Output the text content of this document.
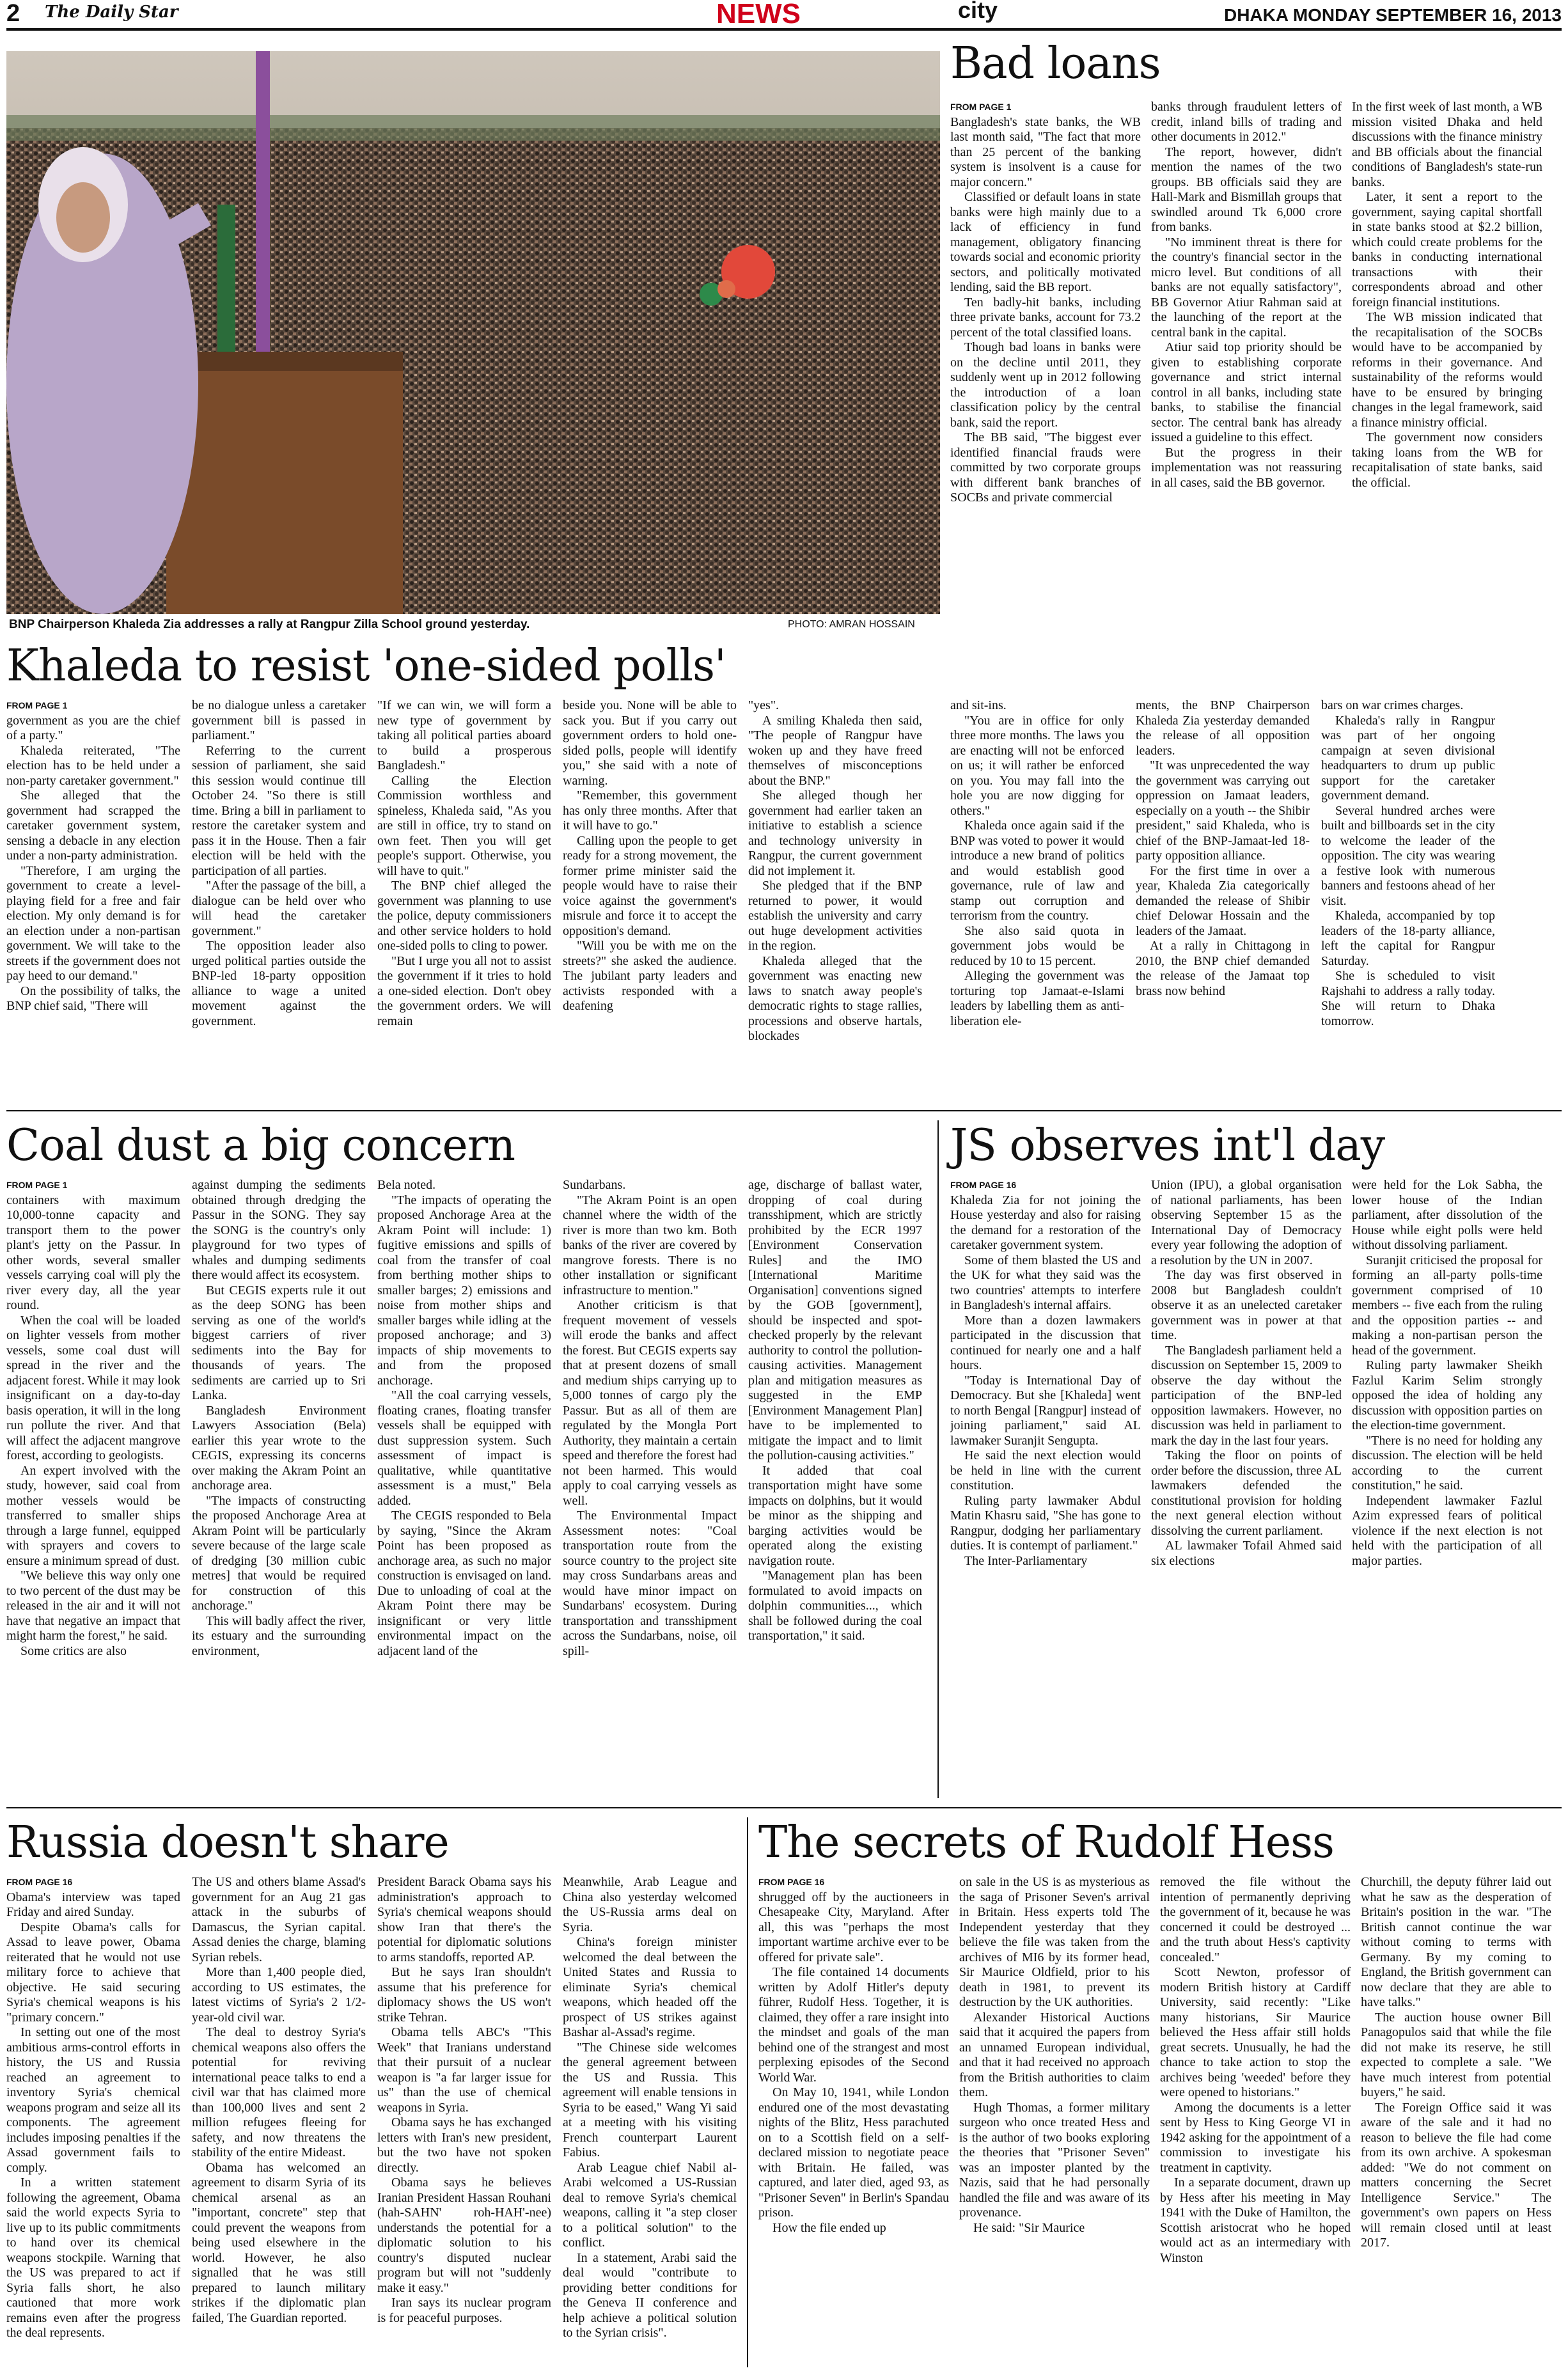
2 The Daily Star	NEWS	city	DHAKA MONDAY SEPTEMBER 16, 2013
BNP Chairperson Khaleda Zia addresses a rally at Rangpur Zilla School ground yesterday.	PHOTO: AMRAN HOSSAIN
Bad loans
FROM PAGE 1

Bangladesh's state banks, the WB last month said, "The fact that more than 25 percent of the banking system is insolvent is a cause for major concern."

Classified or default loans in state banks were high mainly due to a lack of efficiency in fund management, obligatory financing towards social and economic priority sectors, and politically motivated lending, said the BB report.

Ten badly-hit banks, including three private banks, account for 73.2 percent of the total classified loans.

Though bad loans in banks were on the decline until 2011, they suddenly went up in 2012 following the introduction of a loan classification policy by the central bank, said the report.

The BB said, "The biggest ever identified financial frauds were committed by two corporate groups with different bank branches of SOCBs and private commercial

banks through fraudulent letters of credit, inland bills of trading and other documents in 2012."

The report, however, didn't mention the names of the two groups. BB officials said they are Hall-Mark and Bismillah groups that swindled around Tk 6,000 crore from banks.

"No imminent threat is there for the country's financial sector in the micro level. But conditions of all banks are not equally satisfactory", BB Governor Atiur Rahman said at the launching of the report at the central bank in the capital.

Atiur said top priority should be given to establishing corporate governance and strict internal control in all banks, including state banks, to stabilise the financial sector. The central bank has already issued a guideline to this effect.

But the progress in their implementation was not reassuring in all cases, said the BB governor.

In the first week of last month, a WB mission visited Dhaka and held discussions with the finance ministry and BB officials about the financial conditions of Bangladesh's state-run banks.

Later, it sent a report to the government, saying capital shortfall in state banks stood at $2.2 billion, which could create problems for the banks in conducting international transactions with their correspondents abroad and other foreign financial institutions.

The WB mission indicated that the recapitalisation of the SOCBs would have to be accompanied by reforms in their governance. And sustainability of the reforms would have to be ensured by bringing changes in the legal framework, said a finance ministry official.

The government now considers taking loans from the WB for recapitalisation of state banks, said the official.

Khaleda to resist 'one-sided polls'
FROM PAGE 1

government as you are the chief of a party."

Khaleda reiterated, "The election has to be held under a non-party caretaker government."

She alleged that the government had scrapped the caretaker government system, sensing a debacle in any election under a non-party administration.

"Therefore, I am urging the government to create a level-playing field for a free and fair election. My only demand is for an election under a non-partisan government. We will take to the streets if the government does not pay heed to our demand."

On the possibility of talks, the BNP chief said, "There will

be no dialogue unless a caretaker government bill is passed in parliament."

Referring to the current session of parliament, she said this session would continue till October 24. "So there is still time. Bring a bill in parliament to restore the caretaker system and pass it in the House. Then a fair election will be held with the participation of all parties.

"After the passage of the bill, a dialogue can be held over who will head the caretaker government."

The opposition leader also urged political parties outside the BNP-led 18-party opposition alliance to wage a united movement against the government.

"If we can win, we will form a new type of government by taking all political parties aboard to build a prosperous Bangladesh."

Calling the Election Commission worthless and spineless, Khaleda said, "As you are still in office, try to stand on own feet. Then you will get people's support. Otherwise, you will have to quit."

The BNP chief alleged the government was planning to use the police, deputy commissioners and other service holders to hold one-sided polls to cling to power.

"But I urge you all not to assist the government if it tries to hold a one-sided election. Don't obey the government orders. We will remain

beside you. None will be able to sack you. But if you carry out government orders to hold one-sided polls, people will identify you," she said with a note of warning.

"Remember, this government has only three months. After that it will have to go."

Calling upon the people to get ready for a strong movement, the former prime minister said the people would have to raise their voice against the government's misrule and force it to accept the opposition's demand.

"Will you be with me on the streets?" she asked the audience. The jubilant party leaders and activists responded with a deafening

"yes".

A smiling Khaleda then said, "The people of Rangpur have woken up and they have freed themselves of misconceptions about the BNP."

She alleged though her government had earlier taken an initiative to establish a science and technology university in Rangpur, the current government did not implement it.

She pledged that if the BNP returned to power, it would establish the university and carry out huge development activities in the region.

Khaleda alleged that the government was enacting new laws to snatch away people's democratic rights to stage rallies, processions and observe hartals, blockades

and sit-ins.

"You are in office for only three more months. The laws you are enacting will not be enforced on us; it will rather be enforced on you. You may fall into the hole you are now digging for others."

Khaleda once again said if the BNP was voted to power it would introduce a new brand of politics and would establish good governance, rule of law and stamp out corruption and terrorism from the country.

She also said quota in government jobs would be reduced by 10 to 15 percent.

Alleging the government was torturing top Jamaat-e-Islami leaders by labelling them as anti-liberation ele-

ments, the BNP Chairperson Khaleda Zia yesterday demanded the release of all opposition leaders.

"It was unprecedented the way the government was carrying out oppression on Jamaat leaders, especially on a youth -- the Shibir president," said Khaleda, who is chief of the BNP-Jamaat-led 18-party opposition alliance.

For the first time in over a year, Khaleda Zia categorically demanded the release of Shibir chief Delowar Hossain and the leaders of the Jamaat.

At a rally in Chittagong in 2010, the BNP chief demanded the release of the Jamaat top brass now behind

bars on war crimes charges.

Khaleda's rally in Rangpur was part of her ongoing campaign at seven divisional headquarters to drum up public support for the caretaker government demand.

Several hundred arches were built and billboards set in the city to welcome the leader of the opposition. The city was wearing a festive look with numerous banners and festoons ahead of her visit.

Khaleda, accompanied by top leaders of the 18-party alliance, left the capital for Rangpur Saturday.

She is scheduled to visit Rajshahi to address a rally today. She will return to Dhaka tomorrow.

Coal dust a big concern
FROM PAGE 1

containers with maximum 10,000-tonne capacity and transport them to the power plant's jetty on the Passur. In other words, several smaller vessels carrying coal will ply the river every day, all the year round.

When the coal will be loaded on lighter vessels from mother vessels, some coal dust will spread in the river and the adjacent forest. While it may look insignificant on a day-to-day basis operation, it will in the long run pollute the river. And that will affect the adjacent mangrove forest, according to geologists.

An expert involved with the study, however, said coal from mother vessels would be transferred to smaller ships through a large funnel, equipped with sprayers and covers to ensure a minimum spread of dust.

"We believe this way only one to two percent of the dust may be released in the air and it will not have that negative an impact that might harm the forest," he said.

Some critics are also

against dumping the sediments obtained through dredging the Passur in the SONG. They say the SONG is the country's only playground for two types of whales and dumping sediments there would affect its ecosystem.

But CEGIS experts rule it out as the deep SONG has been serving as one of the world's biggest carriers of river sediments into the Bay for thousands of years. The sediments are carried up to Sri Lanka.

Bangladesh Environment Lawyers Association (Bela) earlier this year wrote to the CEGIS, expressing its concerns over making the Akram Point an anchorage area.

"The impacts of constructing the proposed Anchorage Area at Akram Point will be particularly severe because of the large scale of dredging [30 million cubic metres] that would be required for construction of this anchorage."

This will badly affect the river, its estuary and the surrounding environment,

Bela noted.

"The impacts of operating the proposed Anchorage Area at the Akram Point will include: 1) fugitive emissions and spills of coal from the transfer of coal from berthing mother ships to smaller barges; 2) emissions and noise from mother ships and smaller barges while idling at the proposed anchorage; and 3) impacts of ship movements to and from the proposed anchorage.

"All the coal carrying vessels, floating cranes, floating transfer vessels shall be equipped with dust suppression system. Such assessment of impact is qualitative, while quantitative assessment is a must," Bela added.

The CEGIS responded to Bela by saying, "Since the Akram Point has been proposed as anchorage area, as such no major construction is envisaged on land. Due to unloading of coal at the Akram Point there may be insignificant or very little environmental impact on the adjacent land of the

Sundarbans.

"The Akram Point is an open channel where the width of the river is more than two km. Both banks of the river are covered by mangrove forests. There is no other installation or significant infrastructure to mention."

Another criticism is that frequent movement of vessels will erode the banks and affect the forest. But CEGIS experts say that at present dozens of small and medium ships carrying up to 5,000 tonnes of cargo ply the Passur. But as all of them are regulated by the Mongla Port Authority, they maintain a certain speed and therefore the forest had not been harmed. This would apply to coal carrying vessels as well.

The Environmental Impact Assessment notes: "Coal transportation route from the source country to the project site may cross Sundarbans areas and would have minor impact on Sundarbans' ecosystem. During transportation and transshipment across the Sundarbans, noise, oil spill-

age, discharge of ballast water, dropping of coal during transshipment, which are strictly prohibited by the ECR 1997 [Environment Conservation Rules] and the IMO [International Maritime Organisation] conventions signed by the GOB [government], should be inspected and spot-checked properly by the relevant authority to control the pollution-causing activities. Management plan and mitigation measures as suggested in the EMP [Environment Management Plan] have to be implemented to mitigate the impact and to limit the pollution-causing activities."

It added that coal transportation might have some impacts on dolphins, but it would be minor as the shipping and barging activities would be operated along the existing navigation route.

"Management plan has been formulated to avoid impacts on dolphin communities..., which shall be followed during the coal transportation," it said.

JS observes int'l day
FROM PAGE 16

Khaleda Zia for not joining the House yesterday and also for raising the demand for a restoration of the caretaker government system.

Some of them blasted the US and the UK for what they said was the two countries' attempts to interfere in Bangladesh's internal affairs.

More than a dozen lawmakers participated in the discussion that continued for nearly one and a half hours.

"Today is International Day of Democracy. But she [Khaleda] went to north Bengal [Rangpur] instead of joining parliament," said AL lawmaker Suranjit Sengupta.

He said the next election would be held in line with the current constitution.

Ruling party lawmaker Abdul Matin Khasru said, "She has gone to Rangpur, dodging her parliamentary duties. It is contempt of parliament."

The Inter-Parliamentary

Union (IPU), a global organisation of national parliaments, has been observing September 15 as the International Day of Democracy every year following the adoption of a resolution by the UN in 2007.

The day was first observed in 2008 but Bangladesh couldn't observe it as an unelected caretaker government was in power at that time.

The Bangladesh parliament held a discussion on September 15, 2009 to observe the day without the participation of the BNP-led opposition lawmakers. However, no discussion was held in parliament to mark the day in the last four years.

Taking the floor on points of order before the discussion, three AL lawmakers defended the constitutional provision for holding the next general election without dissolving the current parliament.

AL lawmaker Tofail Ahmed said six elections

were held for the Lok Sabha, the lower house of the Indian parliament, after dissolution of the House while eight polls were held without dissolving parliament.

Suranjit criticised the proposal for forming an all-party polls-time government comprised of 10 members -- five each from the ruling and the opposition parties -- and making a non-partisan person the head of the government.

Ruling party lawmaker Sheikh Fazlul Karim Selim strongly opposed the idea of holding any discussion with opposition parties on the election-time government.

"There is no need for holding any discussion. The election will be held according to the current constitution," he said.

Independent lawmaker Fazlul Azim expressed fears of political violence if the next election is not held with the participation of all major parties.

Russia doesn't share
FROM PAGE 16

Obama's interview was taped Friday and aired Sunday.

Despite Obama's calls for Assad to leave power, Obama reiterated that he would not use military force to achieve that objective. He said securing Syria's chemical weapons is his "primary concern."

In setting out one of the most ambitious arms-control efforts in history, the US and Russia reached an agreement to inventory Syria's chemical weapons program and seize all its components. The agreement includes imposing penalties if the Assad government fails to comply.

In a written statement following the agreement, Obama said the world expects Syria to live up to its public commitments to hand over its chemical weapons stockpile. Warning that the US was prepared to act if Syria falls short, he also cautioned that more work remains even after the progress the deal represents.

The US and others blame Assad's government for an Aug 21 gas attack in the suburbs of Damascus, the Syrian capital. Assad denies the charge, blaming Syrian rebels.

More than 1,400 people died, according to US estimates, the latest victims of Syria's 2 1/2-year-old civil war.

The deal to destroy Syria's chemical weapons also offers the potential for reviving international peace talks to end a civil war that has claimed more than 100,000 lives and sent 2 million refugees fleeing for safety, and now threatens the stability of the entire Mideast.

Obama has welcomed an agreement to disarm Syria of its chemical arsenal as an "important, concrete" step that could prevent the weapons from being used elsewhere in the world. However, he also signalled that he was still prepared to launch military strikes if the diplomatic plan failed, The Guardian reported.

President Barack Obama says his administration's approach to Syria's chemical weapons should show Iran that there's the potential for diplomatic solutions to arms standoffs, reported AP.

But he says Iran shouldn't assume that his preference for diplomacy shows the US won't strike Tehran.

Obama tells ABC's "This Week" that Iranians understand that their pursuit of a nuclear weapon is "a far larger issue for us" than the use of chemical weapons in Syria.

Obama says he has exchanged letters with Iran's new president, but the two have not spoken directly.

Obama says he believes Iranian President Hassan Rouhani (hah-SAHN' roh-HAH'-nee) understands the potential for a diplomatic solution to his country's disputed nuclear program but will not "suddenly make it easy."

Iran says its nuclear program is for peaceful purposes.

Meanwhile, Arab League and China also yesterday welcomed the US-Russia arms deal on Syria.

China's foreign minister welcomed the deal between the United States and Russia to eliminate Syria's chemical weapons, which headed off the prospect of US strikes against Bashar al-Assad's regime.

"The Chinese side welcomes the general agreement between the US and Russia. This agreement will enable tensions in Syria to be eased," Wang Yi said at a meeting with his visiting French counterpart Laurent Fabius.

Arab League chief Nabil al-Arabi welcomed a US-Russian deal to remove Syria's chemical weapons, calling it "a step closer to a political solution" to the conflict.

In a statement, Arabi said the deal would "contribute to providing better conditions for the Geneva II conference and help achieve a political solution to the Syrian crisis".

The secrets of Rudolf Hess
FROM PAGE 16

shrugged off by the auctioneers in Chesapeake City, Maryland. After all, this was "perhaps the most important wartime archive ever to be offered for private sale".

The file contained 14 documents written by Adolf Hitler's deputy führer, Rudolf Hess. Together, it is claimed, they offer a rare insight into the mindset and goals of the man behind one of the strangest and most perplexing episodes of the Second World War.

On May 10, 1941, while London endured one of the most devastating nights of the Blitz, Hess parachuted on to a Scottish field on a self-declared mission to negotiate peace with Britain. He failed, was captured, and later died, aged 93, as "Prisoner Seven" in Berlin's Spandau prison.

How the file ended up

on sale in the US is as mysterious as the saga of Prisoner Seven's arrival in Britain. Hess experts told The Independent yesterday that they believe the file was taken from the archives of MI6 by its former head, Sir Maurice Oldfield, prior to his death in 1981, to prevent its destruction by the UK authorities.

Alexander Historical Auctions said that it acquired the papers from an unnamed European individual, and that it had received no approach from the British authorities to claim them.

Hugh Thomas, a former military surgeon who once treated Hess and is the author of two books exploring the theories that "Prisoner Seven" was an imposter planted by the Nazis, said that he had personally handled the file and was aware of its provenance.

He said: "Sir Maurice

removed the file without the intention of permanently depriving the government of it, because he was concerned it could be destroyed ... and the truth about Hess's captivity concealed."

Scott Newton, professor of modern British history at Cardiff University, said recently: "Like many historians, Sir Maurice believed the Hess affair still holds great secrets. Unusually, he had the chance to take action to stop the archives being 'weeded' before they were opened to historians."

Among the documents is a letter sent by Hess to King George VI in 1942 asking for the appointment of a commission to investigate his treatment in captivity.

In a separate document, drawn up by Hess after his meeting in May 1941 with the Duke of Hamilton, the Scottish aristocrat who he hoped would act as an intermediary with Winston

Churchill, the deputy führer laid out what he saw as the desperation of Britain's position in the war. "The British cannot continue the war without coming to terms with Germany. By my coming to England, the British government can now declare that they are able to have talks."

The auction house owner Bill Panagopulos said that while the file did not make its reserve, he still expected to complete a sale. "We have much interest from potential buyers," he said.

The Foreign Office said it was aware of the sale and it had no reason to believe the file had come from its own archive. A spokesman added: "We do not comment on matters concerning the Secret Intelligence Service." The government's own papers on Hess will remain closed until at least 2017.
